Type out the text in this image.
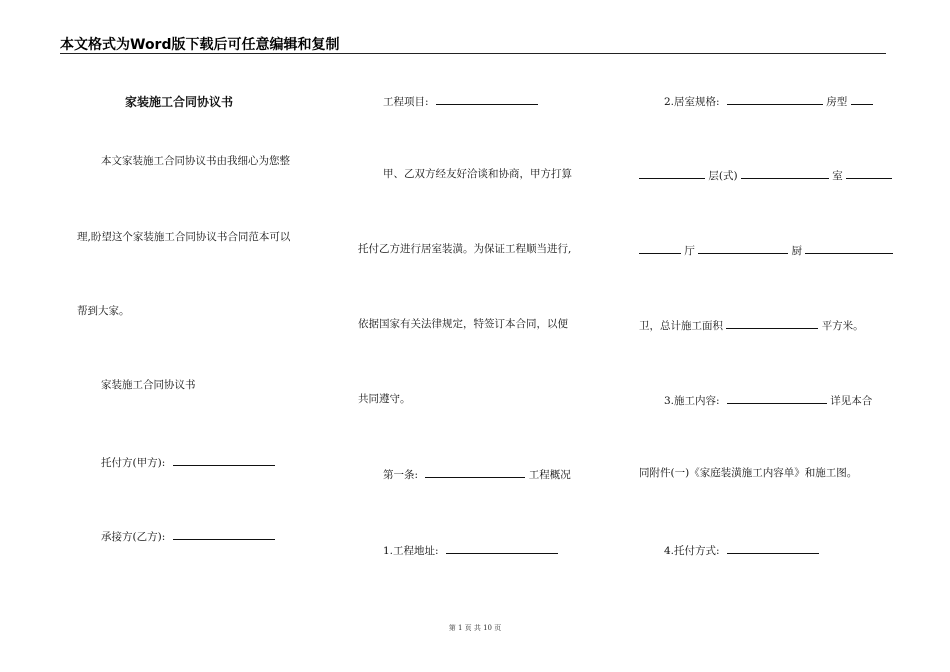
本文格式为Word版下载后可任意编辑和复制
家装施工合同协议书
本文家装施工合同协议书由我细心为您整
理,盼望这个家装施工合同协议书合同范本可以
帮到大家。
家装施工合同协议书
托付方(甲方):
承接方(乙方):
工程项目:
甲、乙双方经友好洽谈和协商，甲方打算
托付乙方进行居室装潢。为保证工程顺当进行,
依据国家有关法律规定，特签订本合同，以便
共同遵守。
第一条:	工程概况
1.工程地址:
2.居室规格:	房型
层(式)	室
厅	厨
卫，总计施工面积	平方米。
3.施工内容:	详见本合
同附件(一)《家庭装潢施工内容单》和施工图。
4.托付方式:
第 1 页 共 10 页
